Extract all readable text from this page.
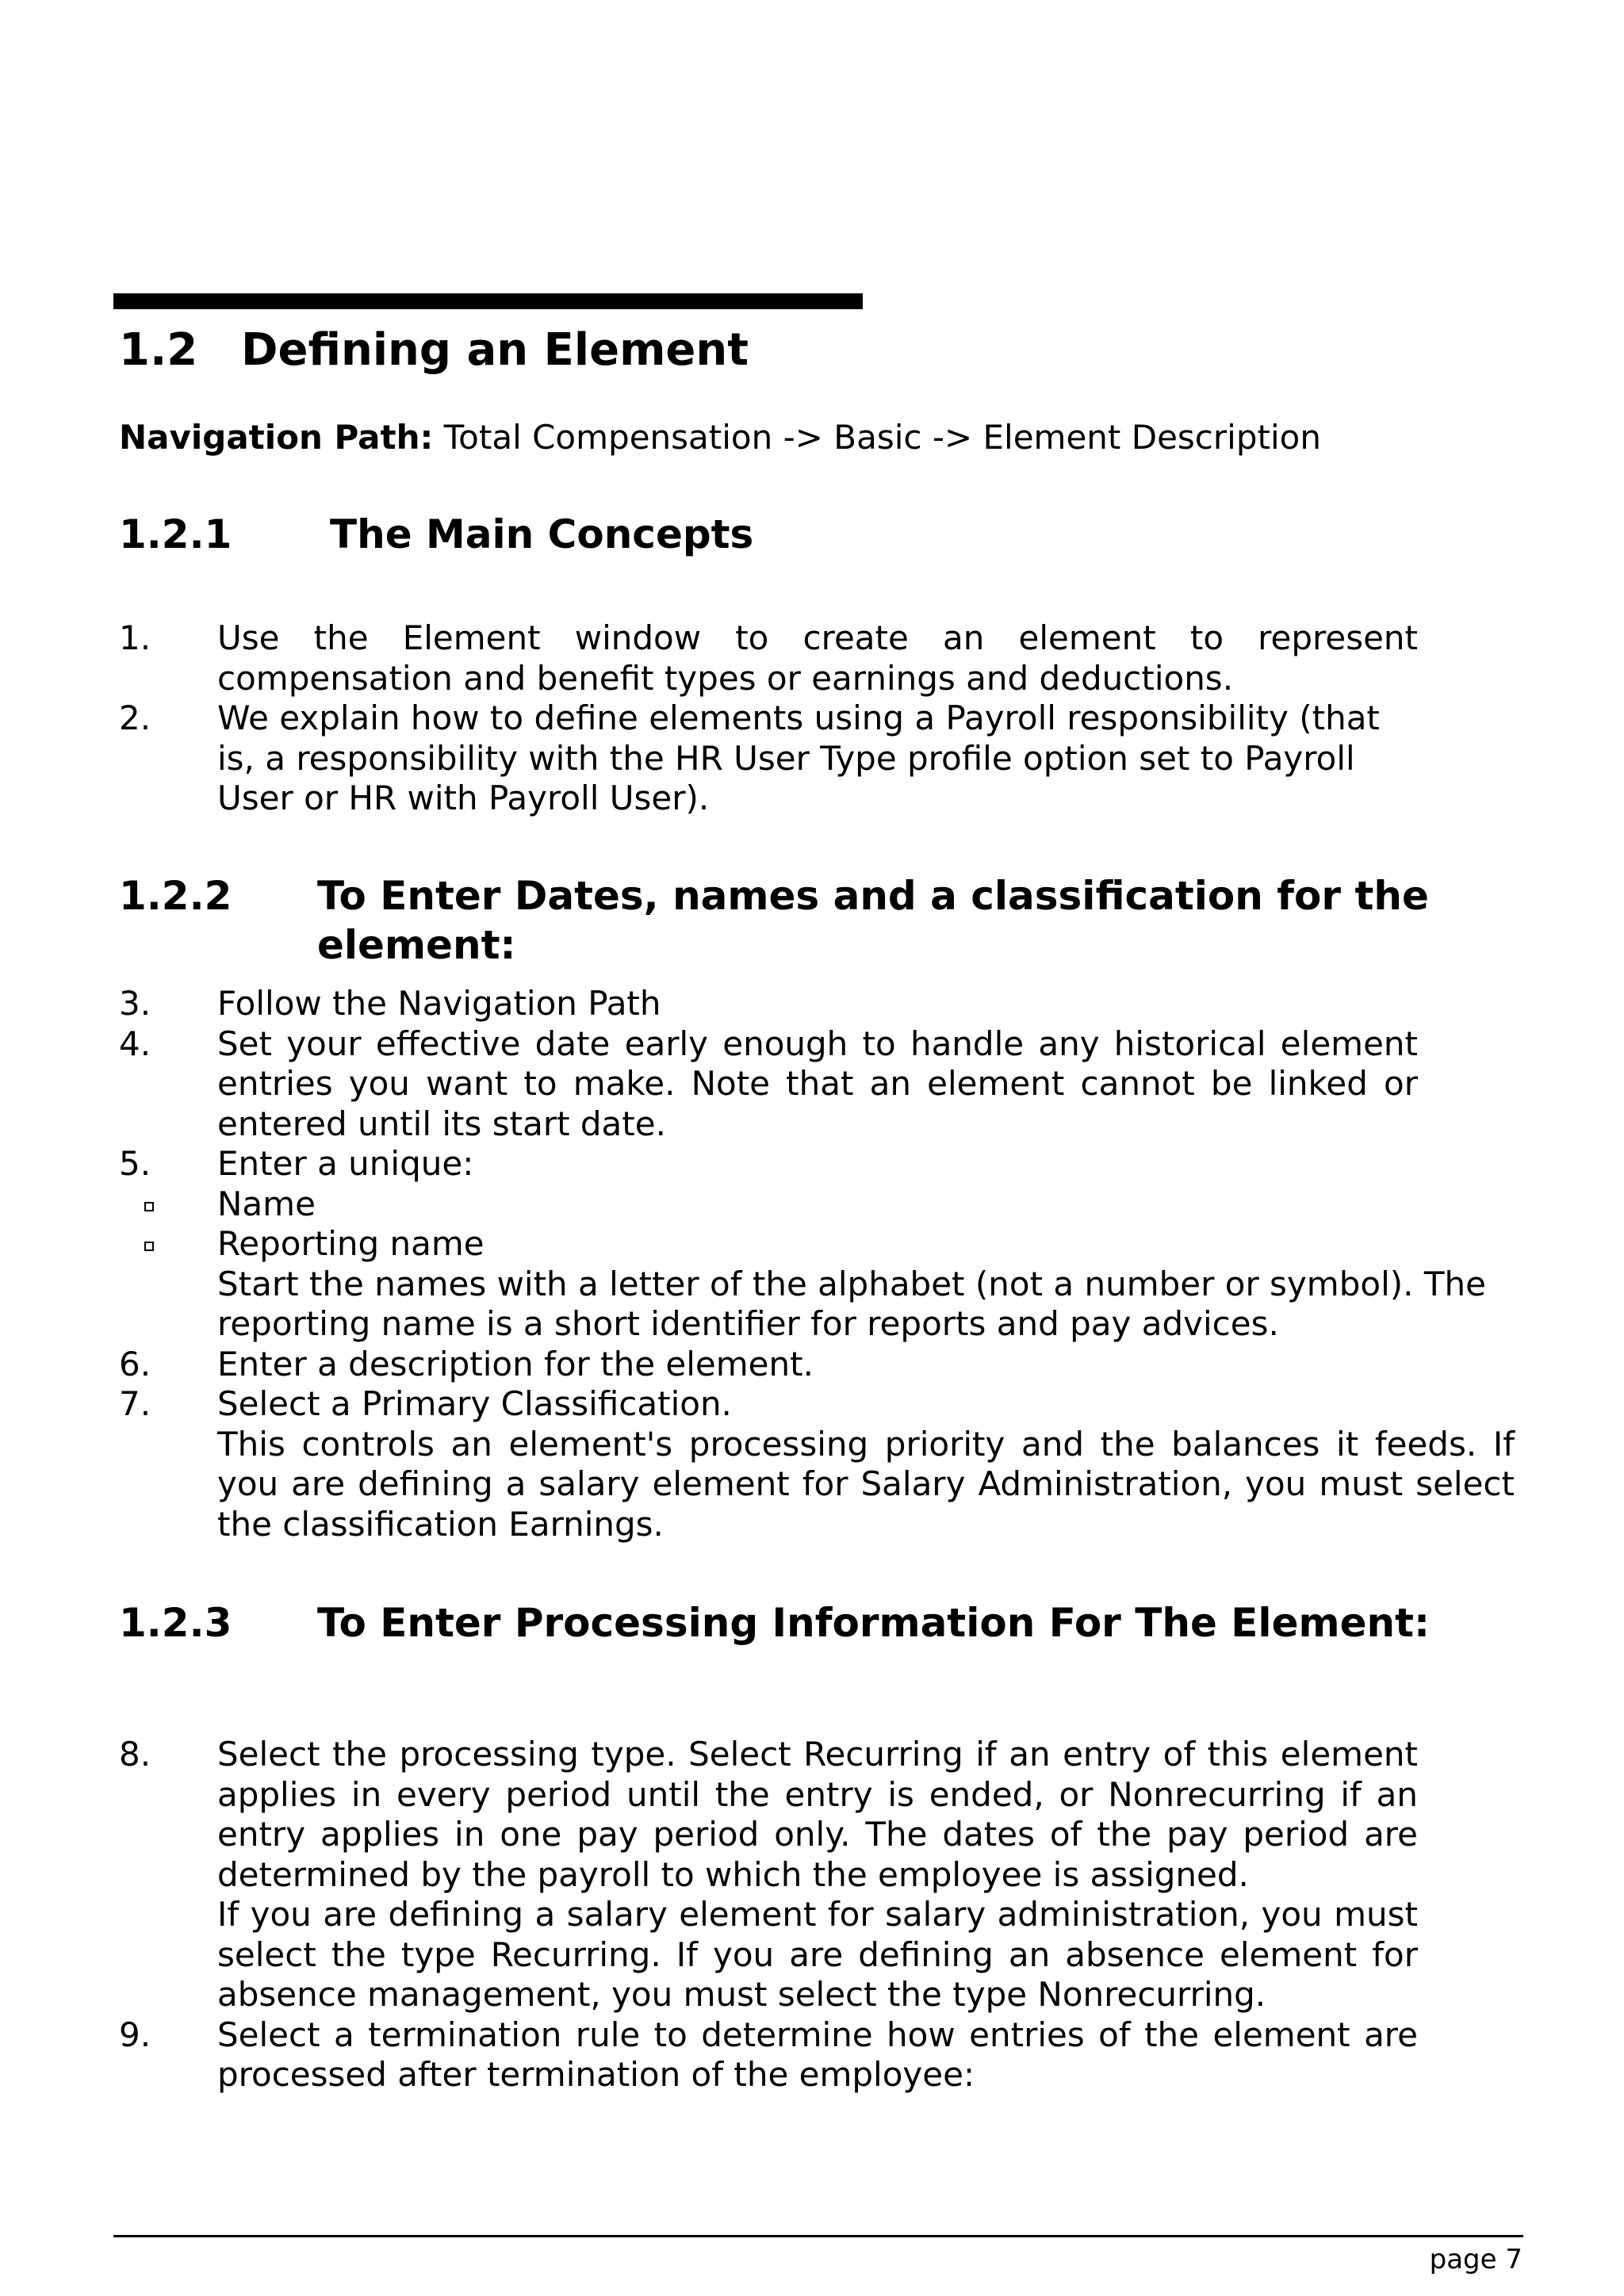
1.2 Defining an Element

Navigation Path: Total Compensation -> Basic -> Element Description

1.2.1 The Main Concepts
1. Use the Element window to create an element to represent compensation and benefit types or earnings and deductions.
2. We explain how to define elements using a Payroll responsibility (that is, a responsibility with the HR User Type profile option set to Payroll User or HR with Payroll User).
1.2.2 To Enter Dates, names and a classification for the
element:
3. Follow the Navigation Path
4. Set your effective date early enough to handle any historical element entries you want to make. Note that an element cannot be linked or entered until its start date.
5. Enter a unique:
Name
Reporting name
Start the names with a letter of the alphabet (not a number or symbol). The reporting name is a short identifier for reports and pay advices.
6. Enter a description for the element.
7. Select a Primary Classification.
This controls an element's processing priority and the balances it feeds. If you are defining a salary element for Salary Administration, you must select the classification Earnings.
1.2.3 To Enter Processing Information For The Element:
8. Select the processing type. Select Recurring if an entry of this element applies in every period until the entry is ended, or Nonrecurring if an entry applies in one pay period only. The dates of the pay period are determined by the payroll to which the employee is assigned.
If you are defining a salary element for salary administration, you must select the type Recurring. If you are defining an absence element for absence management, you must select the type Nonrecurring.
9. Select a termination rule to determine how entries of the element are processed after termination of the employee:

page 7
